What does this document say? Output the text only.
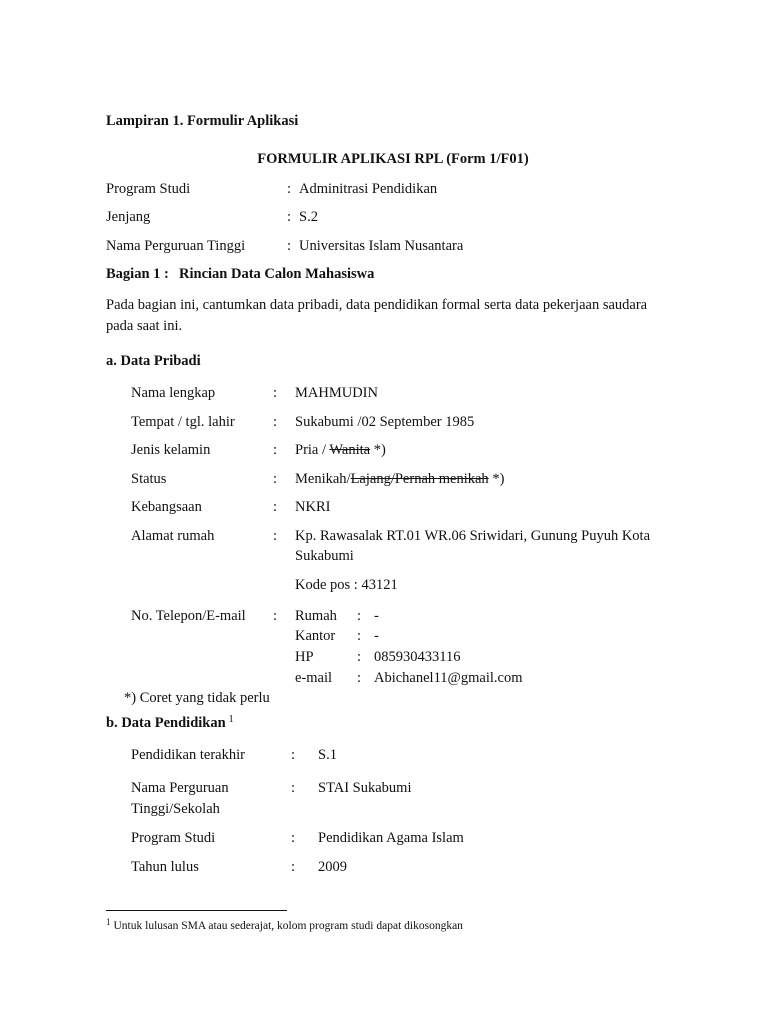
Lampiran 1. Formulir Aplikasi
FORMULIR APLIKASI RPL (Form 1/F01)
Program Studi	: Adminitrasi Pendidikan
Jenjang	: S.2
Nama Perguruan Tinggi	: Universitas Islam Nusantara
Bagian 1 : Rincian Data Calon Mahasiswa
Pada bagian ini, cantumkan data pribadi, data pendidikan formal serta data pekerjaan saudara
pada saat ini.
a. Data Pribadi
Nama lengkap	: MAHMUDIN
Tempat / tgl. lahir	: Sukabumi /02 September 1985
Jenis kelamin	: Pria / Wanita *)
Status	: Menikah/Lajang/Pernah menikah *)
Kebangsaan	: NKRI
Alamat rumah	: Kp. Rawasalak RT.01 WR.06 Sriwidari, Gunung Puyuh Kota
Sukabumi
Kode pos : 43121
No. Telepon/E-mail : Rumah : -
Kantor : -
HP	: 085930433116
e-mail : Abichanel11@gmail.com
*) Coret yang tidak perlu
b. Data Pendidikan $^1$
Pendidikan terakhir	: S.1
Nama Perguruan
Tinggi/Sekolah
: STAI Sukabumi
Program Studi	: Pendidikan Agama Islam
Tahun lulus	: 2009
$^1$ Untuk lulusan SMA atau sederajat, kolom program studi dapat dikosongkan
